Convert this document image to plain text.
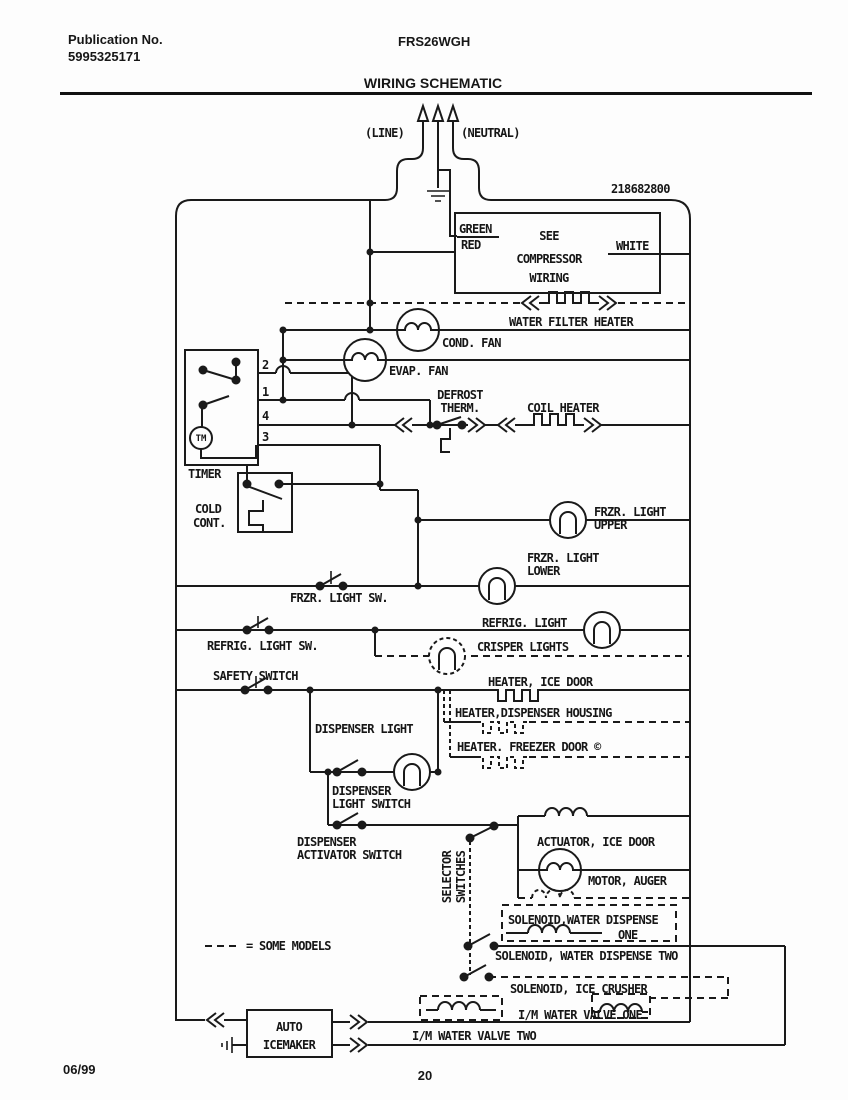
Publication No.
5995325171
FRS26WGH
WIRING SCHEMATIC
(LINE)	(NEUTRAL)
218682800
GREEN
RED
SEE
COMPRESSOR
WIRING
WHITE
WATER FILTER HEATER
COND. FAN
EVAP. FAN
DEFROST
THERM.	COIL HEATER
2
1
4
3
TM
TIMER
COLD
CONT.
FRZR. LIGHT
UPPER
FRZR. LIGHT
LOWER
FRZR. LIGHT SW.
REFRIG. LIGHT
REFRIG. LIGHT SW.	CRISPER LIGHTS
SAFETY SWITCH	HEATER, ICE DOOR
HEATER,DISPENSER HOUSING
HEATER. FREEZER DOOR ©
DISPENSER LIGHT
DISPENSER
LIGHT SWITCH
DISPENSER
ACTIVATOR SWITCH	SELECTOR SWITCHES
ACTUATOR, ICE DOOR
MOTOR, AUGER
SOLENOID,WATER DISPENSE
ONE
SOLENOID, WATER DISPENSE TWO
SOLENOID, ICE CRUSHER
I/M WATER VALVE ONE
I/M WATER VALVE TWO
AUTO
ICEMAKER
= SOME MODELS
06/99	20
